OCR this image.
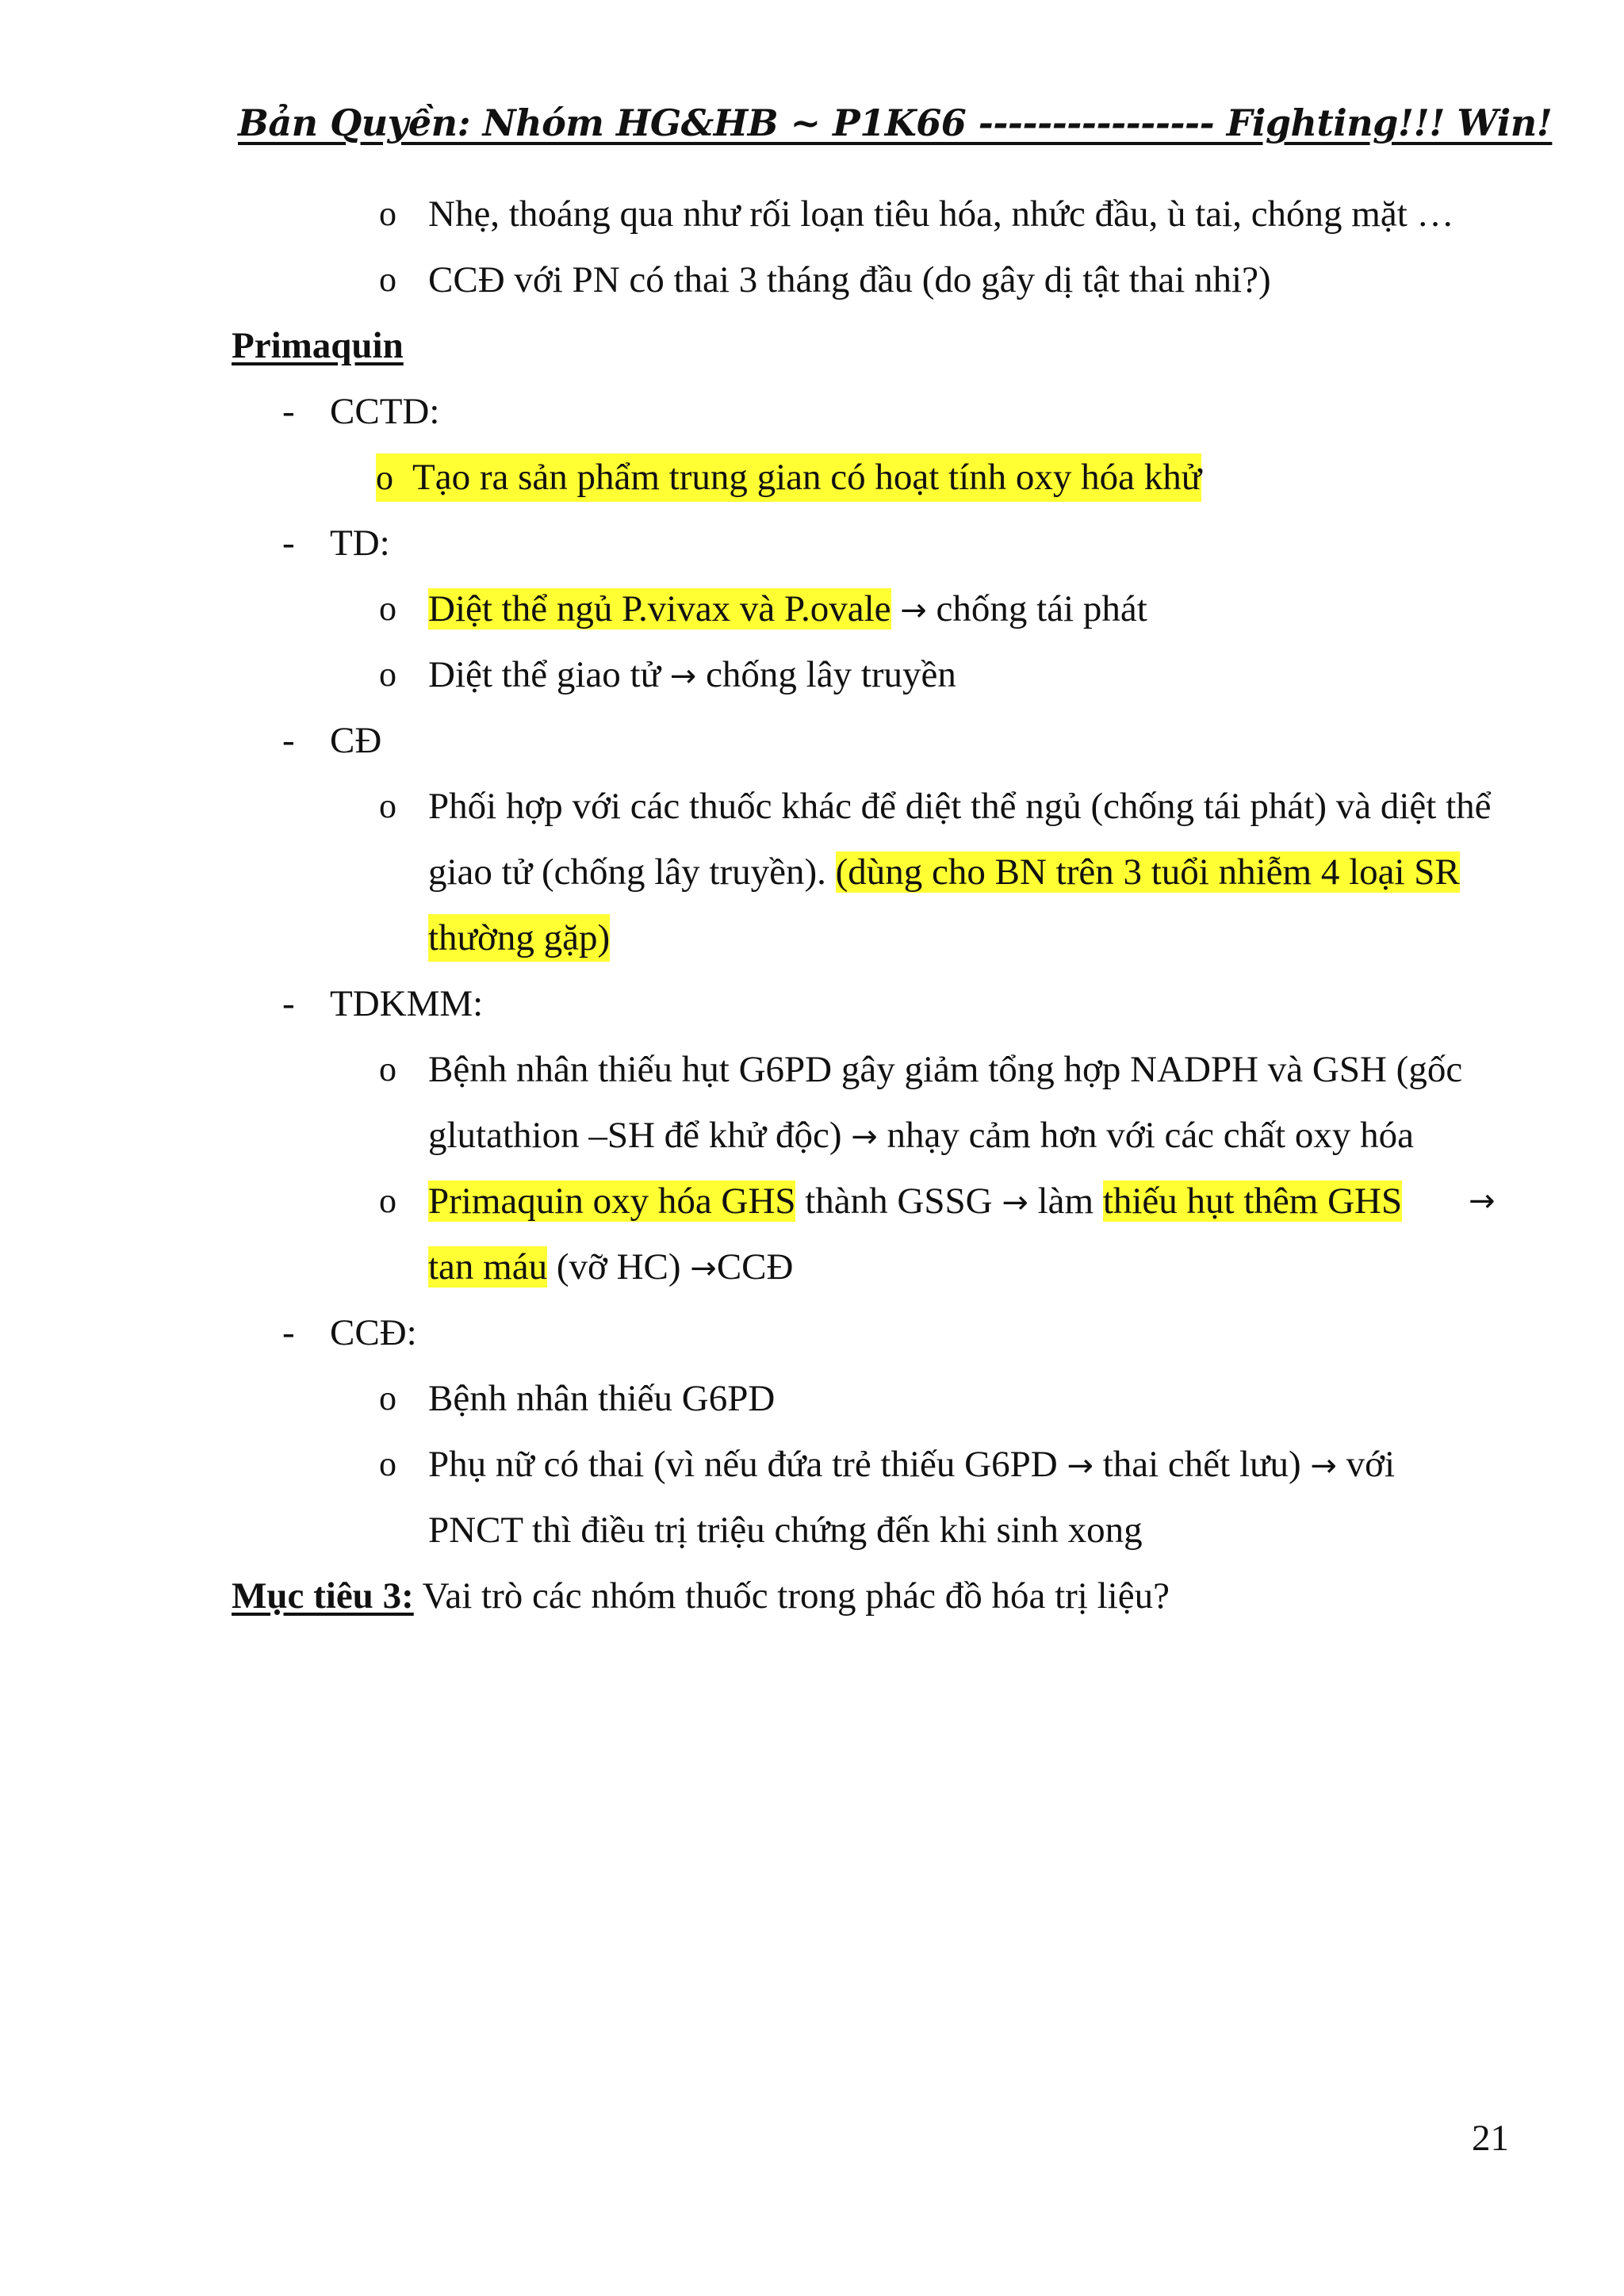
Bản Quyền: Nhóm HG&HB ~ P1K66 ---------------- Fighting!!! Win!
o Nhẹ, thoáng qua như rối loạn tiêu hóa, nhức đầu, ù tai, chóng mặt …
o CCĐ với PN có thai 3 tháng đầu (do gây dị tật thai nhi?)
Primaquin
- CCTD:
o Tạo ra sản phẩm trung gian có hoạt tính oxy hóa khử
- TD:
o Diệt thể ngủ P.vivax và P.ovale → chống tái phát
o Diệt thể giao tử → chống lây truyền
- CĐ
o Phối hợp với các thuốc khác để diệt thể ngủ (chống tái phát) và diệt thể
giao tử (chống lây truyền). (dùng cho BN trên 3 tuổi nhiễm 4 loại SR
thường gặp)
- TDKMM:
o Bệnh nhân thiếu hụt G6PD gây giảm tổng hợp NADPH và GSH (gốc
glutathion –SH để khử độc) → nhạy cảm hơn với các chất oxy hóa
o Primaquin oxy hóa GHS thành GSSG → làm thiếu hụt thêm GHS →
tan máu (vỡ HC) →CCĐ
- CCĐ:
o Bệnh nhân thiếu G6PD
o Phụ nữ có thai (vì nếu đứa trẻ thiếu G6PD → thai chết lưu) → với
PNCT thì điều trị triệu chứng đến khi sinh xong
Mục tiêu 3: Vai trò các nhóm thuốc trong phác đồ hóa trị liệu?
21
